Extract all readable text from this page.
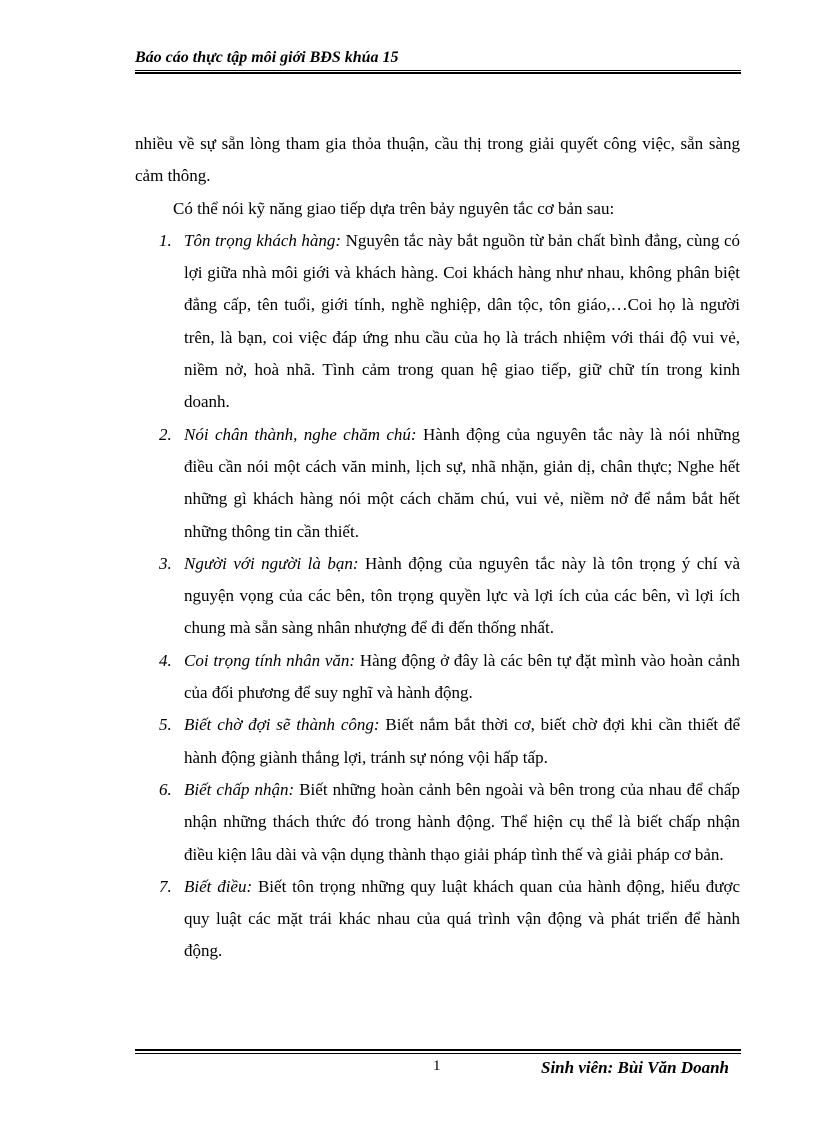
Báo cáo thực tập môi giới BĐS khúa 15

nhiều về sự sẵn lòng tham gia thỏa thuận, cầu thị trong giải quyết công việc, sẵn sàng cảm thông.

Có thể nói kỹ năng giao tiếp dựa trên bảy nguyên tắc cơ bản sau:

1. Tôn trọng khách hàng: Nguyên tắc này bắt nguồn từ bản chất bình đẳng, cùng có lợi giữa nhà môi giới và khách hàng. Coi khách hàng như nhau, không phân biệt đẳng cấp, tên tuổi, giới tính, nghề nghiệp, dân tộc, tôn giáo,…Coi họ là người trên, là bạn, coi việc đáp ứng nhu cầu của họ là trách nhiệm với thái độ vui vẻ, niềm nở, hoà nhã. Tình cảm trong quan hệ giao tiếp, giữ chữ tín trong kinh doanh.
2. Nói chân thành, nghe chăm chú: Hành động của nguyên tắc này là nói những điều cần nói một cách văn minh, lịch sự, nhã nhặn, giản dị, chân thực; Nghe hết những gì khách hàng nói một cách chăm chú, vui vẻ, niềm nở để nắm bắt hết những thông tin cần thiết.
3. Người với người là bạn: Hành động của nguyên tắc này là tôn trọng ý chí và nguyện vọng của các bên, tôn trọng quyền lực và lợi ích của các bên, vì lợi ích chung mà sẵn sàng nhân nhượng để đi đến thống nhất.
4. Coi trọng tính nhân văn: Hàng động ở đây là các bên tự đặt mình vào hoàn cảnh của đối phương để suy nghĩ và hành động.
5. Biết chờ đợi sẽ thành công: Biết nắm bắt thời cơ, biết chờ đợi khi cần thiết để hành động giành thắng lợi, tránh sự nóng vội hấp tấp.
6. Biết chấp nhận: Biết những hoàn cảnh bên ngoài và bên trong của nhau để chấp nhận những thách thức đó trong hành động. Thể hiện cụ thể là biết chấp nhận điều kiện lâu dài và vận dụng thành thạo giải pháp tình thế và giải pháp cơ bản.
7. Biết điều: Biết tôn trọng những quy luật khách quan của hành động, hiểu được quy luật các mặt trái khác nhau của quá trình vận động và phát triển để hành động.
1	Sinh viên: Bùi Văn Doanh
